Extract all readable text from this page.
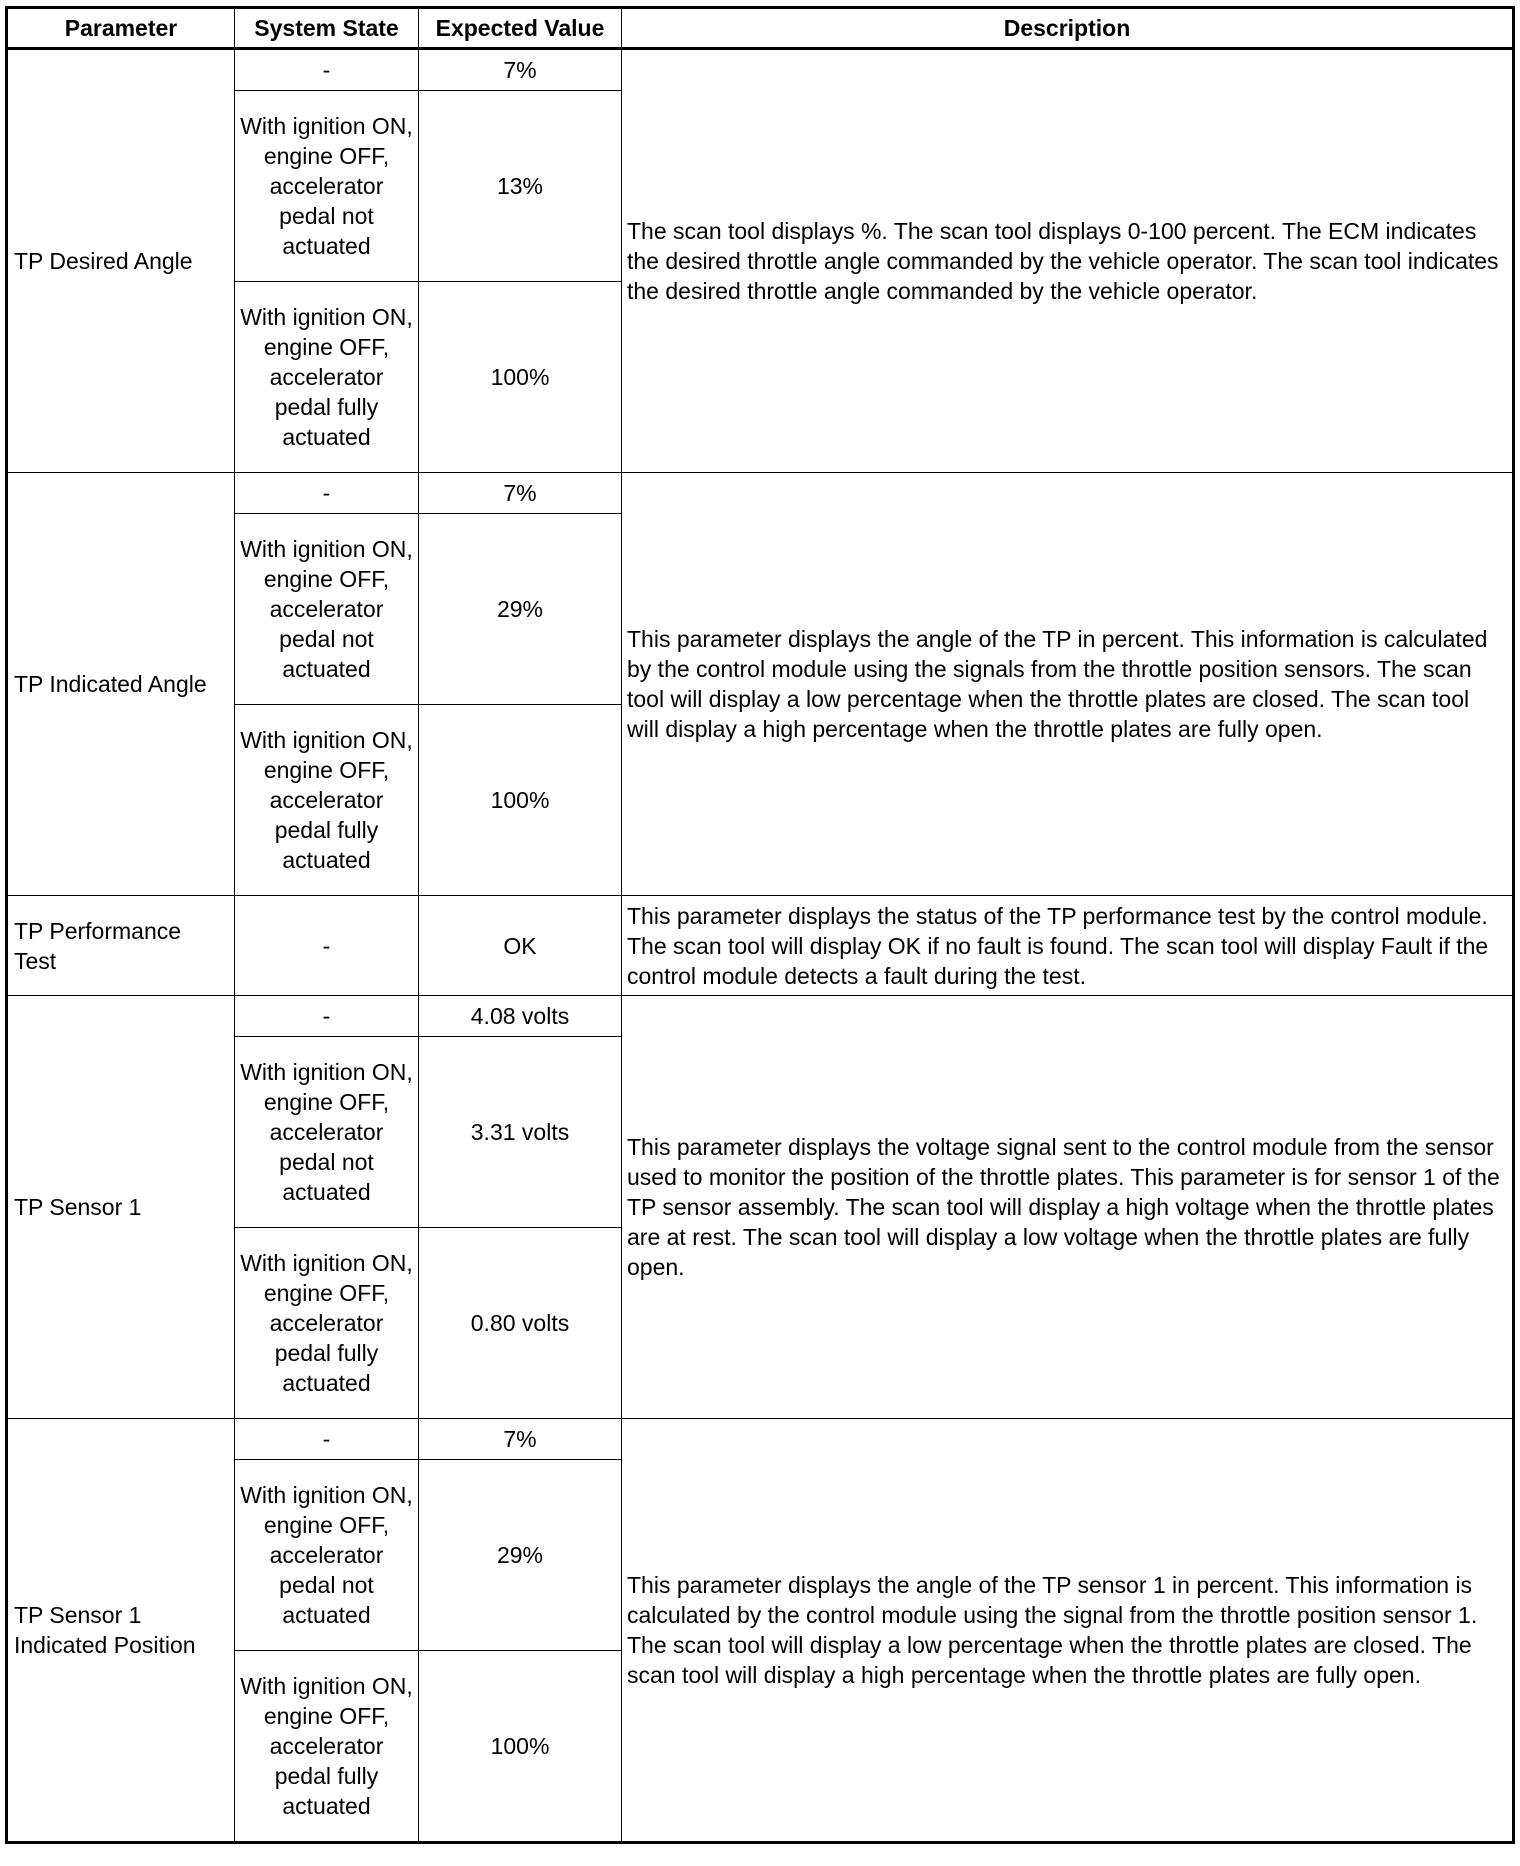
Parameter	System State	Expected Value	Description
TP Desired Angle	-	7%	The scan tool displays %. The scan tool displays 0-100 percent. The ECM indicates the desired throttle angle commanded by the vehicle operator. The scan tool indicates the desired throttle angle commanded by the vehicle operator.
	With ignition ON, engine OFF, accelerator pedal not actuated	13%	
	With ignition ON, engine OFF, accelerator pedal fully actuated	100%	
TP Indicated Angle	-	7%	This parameter displays the angle of the TP in percent. This information is calculated by the control module using the signals from the throttle position sensors. The scan tool will display a low percentage when the throttle plates are closed. The scan tool will display a high percentage when the throttle plates are fully open.
	With ignition ON, engine OFF, accelerator pedal not actuated	29%	
	With ignition ON, engine OFF, accelerator pedal fully actuated	100%	
TP Performance Test	-	OK	This parameter displays the status of the TP performance test by the control module. The scan tool will display OK if no fault is found. The scan tool will display Fault if the control module detects a fault during the test.
TP Sensor 1	-	4.08 volts	This parameter displays the voltage signal sent to the control module from the sensor used to monitor the position of the throttle plates. This parameter is for sensor 1 of the TP sensor assembly. The scan tool will display a high voltage when the throttle plates are at rest. The scan tool will display a low voltage when the throttle plates are fully open.
	With ignition ON, engine OFF, accelerator pedal not actuated	3.31 volts	
	With ignition ON, engine OFF, accelerator pedal fully actuated	0.80 volts	
TP Sensor 1 Indicated Position	-	7%	This parameter displays the angle of the TP sensor 1 in percent. This information is calculated by the control module using the signal from the throttle position sensor 1. The scan tool will display a low percentage when the throttle plates are closed. The scan tool will display a high percentage when the throttle plates are fully open.
	With ignition ON, engine OFF, accelerator pedal not actuated	29%	
	With ignition ON, engine OFF, accelerator pedal fully actuated	100%	
